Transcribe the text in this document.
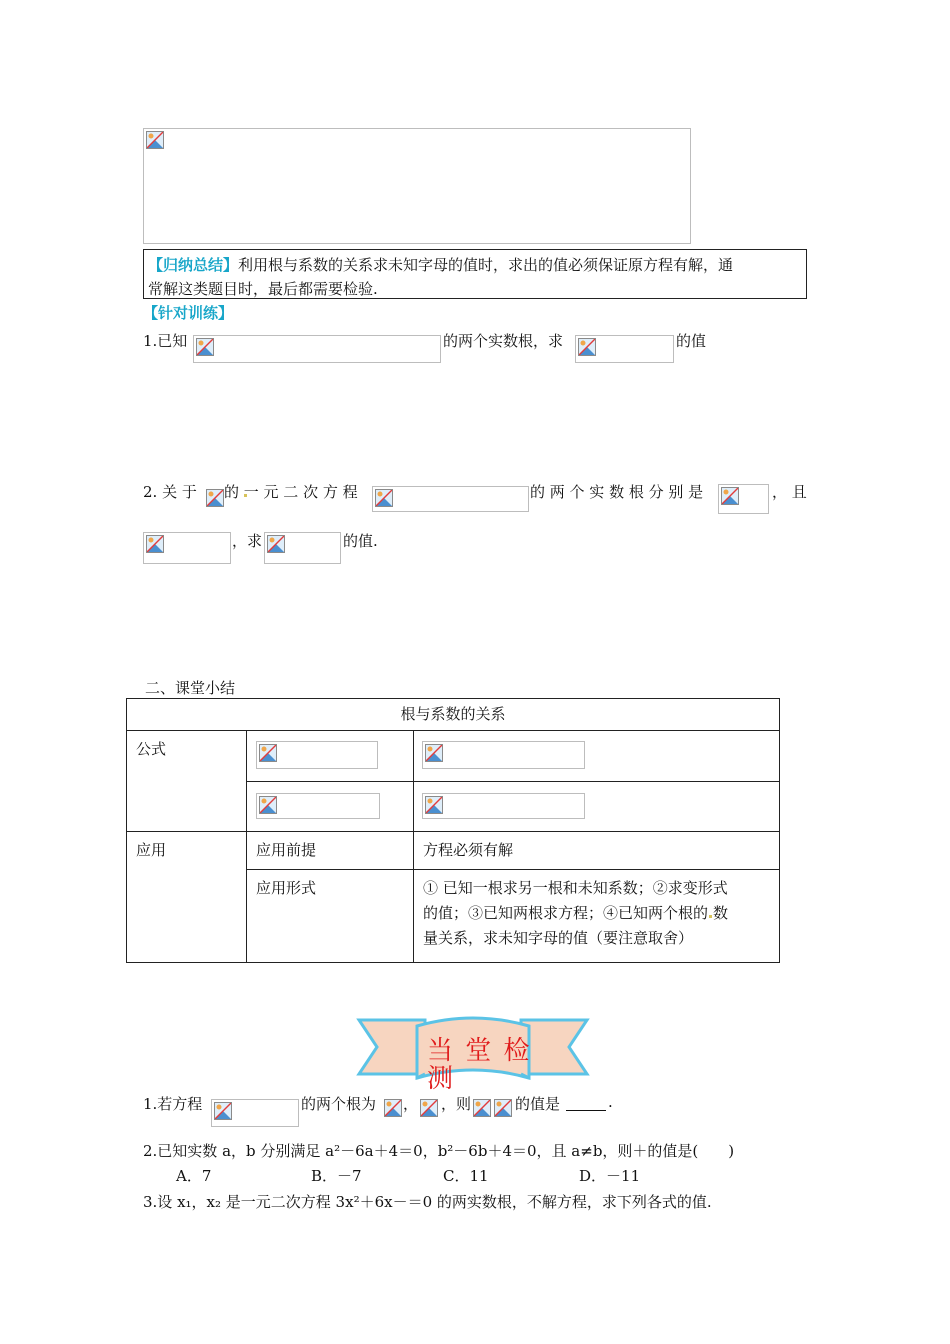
【归纳总结】利用根与系数的关系求未知字母的值时，求出的值必须保证原方程有解，通
常解这类题目时，最后都需要检验.
【针对训练】
1.已知	的两个实数根，求	的值
2. 关 于 的 一 元 二 次 方 程	的 两 个 实 数 根 分 别 是	， 且
，求	的值.
二、课堂小结
根与系数的关系		
公式	

应用	应用前提	方程必须有解
	应用形式	① 已知一根求另一根和未知系数；②求变形式
的值；③已知两根求方程；④已知两个根的 数
量关系，求未知字母的值（要注意取舍）
当 堂 检
测
1.若方程	的两个根为 ， ，则	的值是	.
2.已知实数 a，b 分别满足 a²－6a＋4＝0，b²－6b＋4＝0，且 a≠b，则＋的值是(　　)
A．7	B．－7	C．11	D．－11
3.设 x₁，x₂ 是一元二次方程 3x²＋6x－＝0 的两实数根，不解方程，求下列各式的值.
